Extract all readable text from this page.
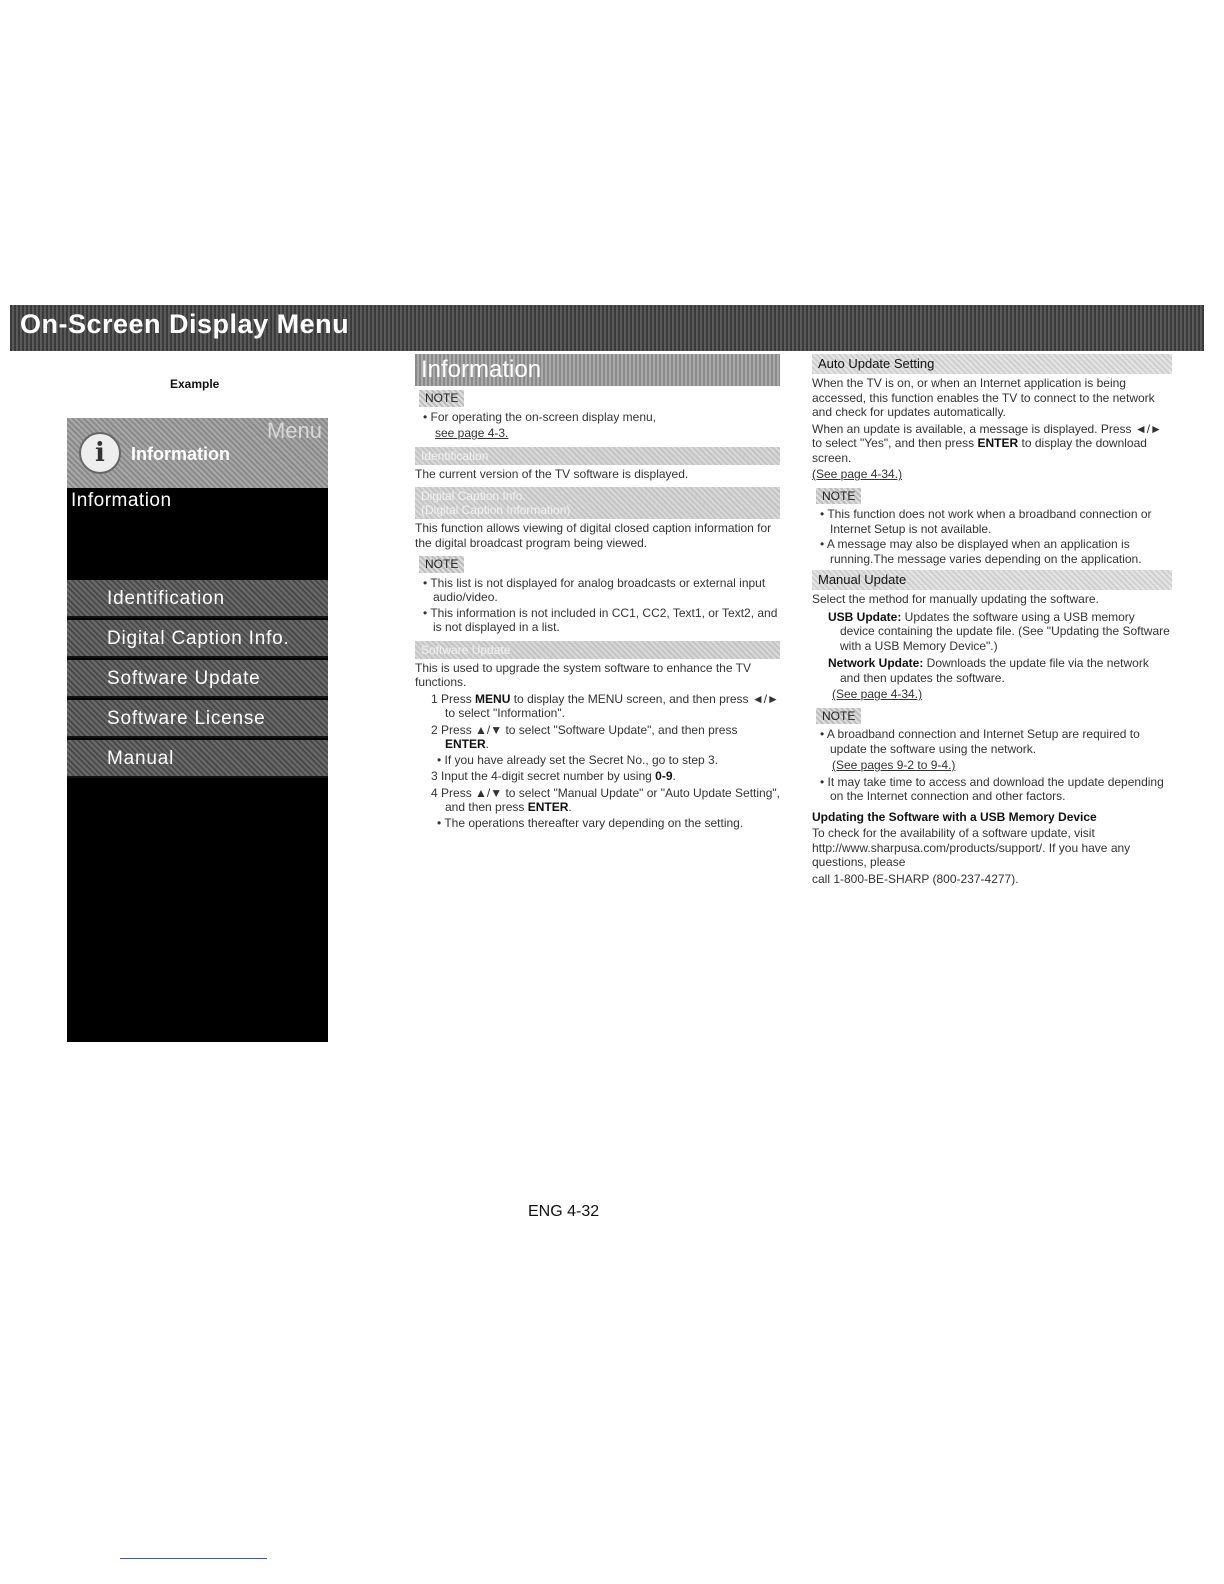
On-Screen Display Menu
Example
Menu
i	Information
Information
Identification
Digital Caption Info.
Software Update
Software License
Manual
Information
NOTE

• For operating the on-screen display menu,

see page 4-3.

Identification

The current version of the TV software is displayed.

Digital Caption Info.
(Digital Caption Information)

This function allows viewing of digital closed caption information for the digital broadcast program being viewed.

NOTE

• This list is not displayed for analog broadcasts or external input audio/video.

• This information is not included in CC1, CC2, Text1, or Text2, and is not displayed in a list.

Software Update

This is used to upgrade the system software to enhance the TV functions.

1 Press MENU to display the MENU screen, and then press ◄/► to select "Information".

2 Press ▲/▼ to select "Software Update", and then press ENTER.

• If you have already set the Secret No., go to step 3.

3 Input the 4-digit secret number by using 0-9.

4 Press ▲/▼ to select "Manual Update" or "Auto Update Setting", and then press ENTER.

• The operations thereafter vary depending on the setting.

Auto Update Setting

When the TV is on, or when an Internet application is being accessed, this function enables the TV to connect to the network and check for updates automatically.

When an update is available, a message is displayed. Press ◄/► to select "Yes", and then press ENTER to display the download screen.

(See page 4-34.)

NOTE

• This function does not work when a broadband connection or Internet Setup is not available.

• A message may also be displayed when an application is running.The message varies depending on the application.

Manual Update

Select the method for manually updating the software.

USB Update: Updates the software using a USB memory device containing the update file. (See "Updating the Software with a USB Memory Device".)

Network Update: Downloads the update file via the network and then updates the software.

(See page 4-34.)

NOTE

• A broadband connection and Internet Setup are required to update the software using the network.

(See pages 9-2 to 9-4.)

• It may take time to access and download the update depending on the Internet connection and other factors.

Updating the Software with a USB Memory Device

To check for the availability of a software update, visit http://www.sharpusa.com/products/support/. If you have any questions, please

call 1-800-BE-SHARP (800-237-4277).

ENG 4-32
